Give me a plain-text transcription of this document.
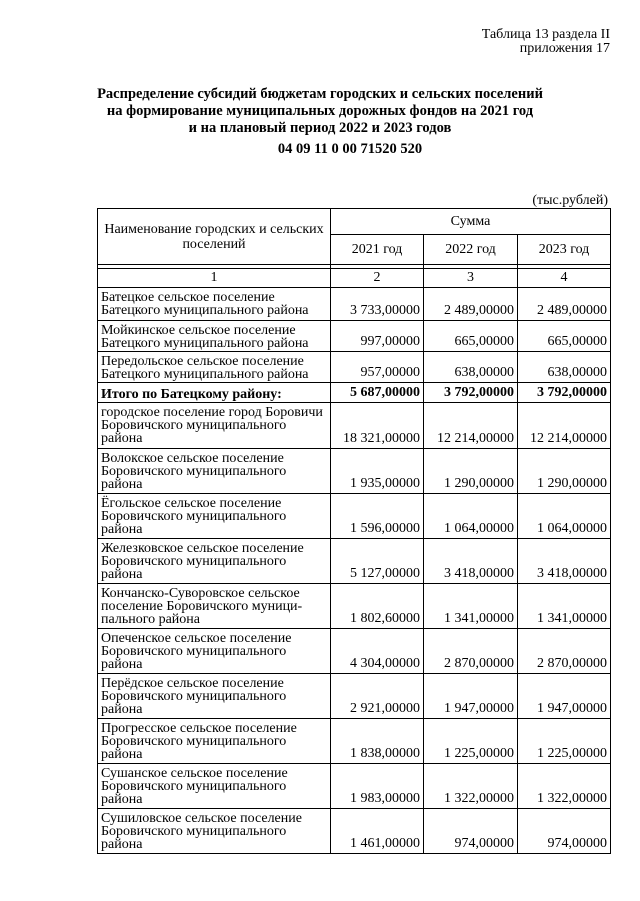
Таблица 13 раздела II
приложения 17
Распределение субсидий бюджетам городских и сельских поселений
на формирование муниципальных дорожных фондов на 2021 год
и на плановый период 2022 и 2023 годов
04 09 11 0 00 71520 520
(тыс.рублей)
Наименование городских и сельских поселений	Сумма		
	2021 год	2022 год	2023 год

1	2	3	4
Батецкое сельское поселение Батецкого муниципального района	3 733,00000	2 489,00000	2 489,00000
Мойкинское сельское поселение Батецкого муниципального района	997,00000	665,00000	665,00000
Передольское сельское поселение Батецкого муниципального района	957,00000	638,00000	638,00000
Итого по Батецкому району:	5 687,00000	3 792,00000	3 792,00000
городское поселение город Боровичи Боровичского муниципального района	18 321,00000	12 214,00000	12 214,00000
Волокское сельское поселение Боровичского муниципального района	1 935,00000	1 290,00000	1 290,00000
Ёгольское сельское поселение Боровичского муниципального района	1 596,00000	1 064,00000	1 064,00000
Железковское сельское поселение Боровичского муниципального района	5 127,00000	3 418,00000	3 418,00000
Кончанско-Суворовское сельское поселение Боровичского муници-пального района	1 802,60000	1 341,00000	1 341,00000
Опеченское сельское поселение Боровичского муниципального района	4 304,00000	2 870,00000	2 870,00000
Перёдское сельское поселение Боровичского муниципального района	2 921,00000	1 947,00000	1 947,00000
Прогресское сельское поселение Боровичского муниципального района	1 838,00000	1 225,00000	1 225,00000
Сушанское сельское поселение Боровичского муниципального района	1 983,00000	1 322,00000	1 322,00000
Сушиловское сельское поселение Боровичского муниципального района	1 461,00000	974,00000	974,00000
